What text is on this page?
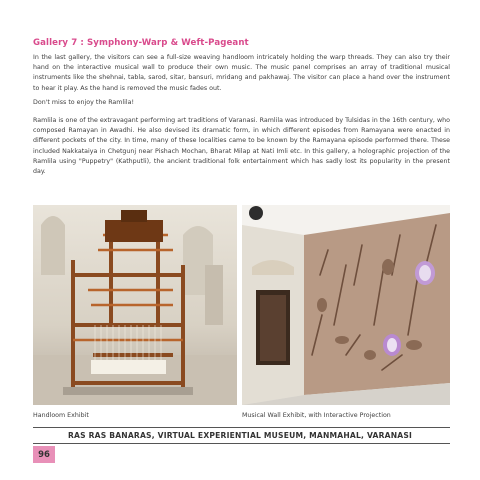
Gallery 7 : Symphony-Warp & Weft-Pageant

In the last gallery, the visitors can see a full-size weaving handloom intricately holding the warp threads. They can also try their hand on the interactive musical wall to produce their own music. The music panel comprises an array of traditional musical instruments like the shehnai, tabla, sarod, sitar, bansuri, mridang and pakhawaj. The visitor can place a hand over the instrument to hear it play. As the hand is removed the music fades out.

Don't miss to enjoy the Ramlila!

Ramlila is one of the extravagant performing art traditions of Varanasi. Ramlila was introduced by Tulsidas in the 16th century, who composed Ramayan in Awadhi. He also devised its dramatic form, in which different episodes from Ramayana were enacted in different pockets of the city. In time, many of these localities came to be known by the Ramayana episode performed there. These included Nakkataiya in Chetgunj near Pishach Mochan, Bharat Milap at Nati Imli etc. In this gallery, a holographic projection of the Ramlila using "Puppetry" (Kathputli), the ancient traditional folk entertainment which has sadly lost its popularity in the present day.

Handloom Exhibit	Musical Wall Exhibit, with Interactive Projection
RAS RAS BANARAS, VIRTUAL EXPERIENTIAL MUSEUM, MANMAHAL, VARANASI
96
